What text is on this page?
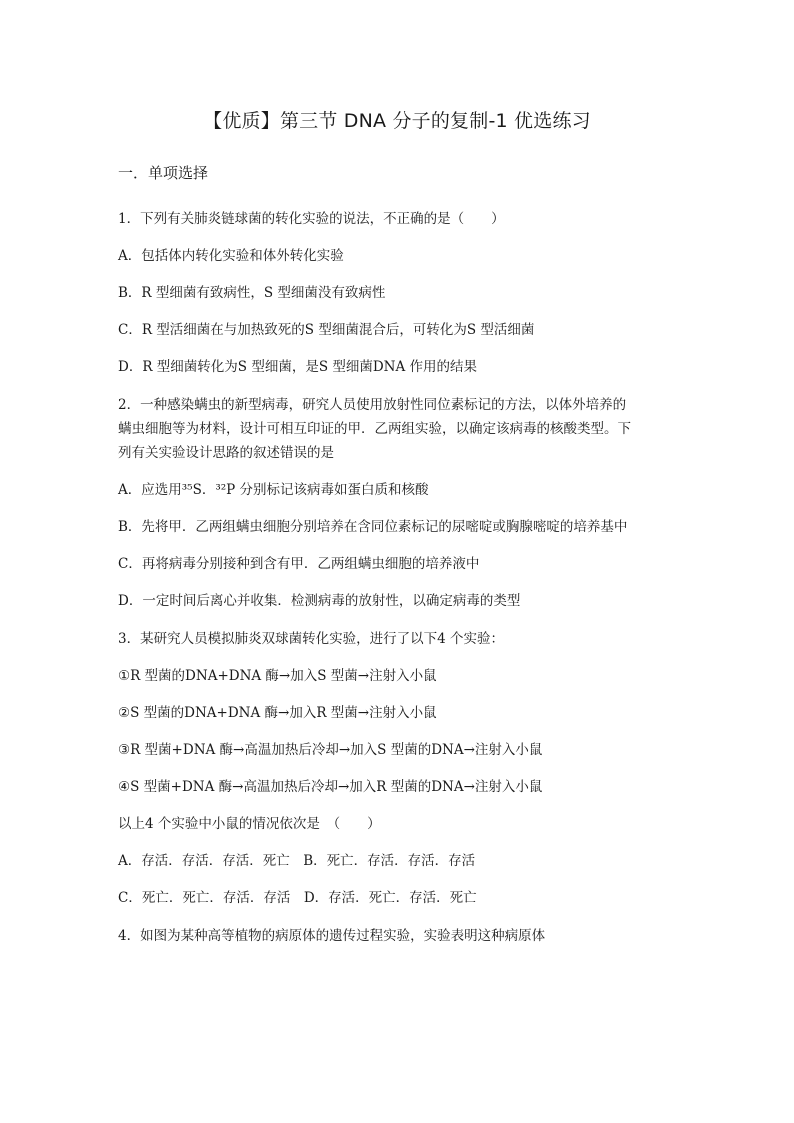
【优质】第三节 DNA 分子的复制-1 优选练习
一．单项选择
1．下列有关肺炎链球菌的转化实验的说法，不正确的是（　　）
A．包括体内转化实验和体外转化实验
B．R 型细菌有致病性，S 型细菌没有致病性
C．R 型活细菌在与加热致死的S 型细菌混合后，可转化为S 型活细菌
D．R 型细菌转化为S 型细菌，是S 型细菌DNA 作用的结果
2．一种感染螨虫的新型病毒，研究人员使用放射性同位素标记的方法，以体外培养的
螨虫细胞等为材料，设计可相互印证的甲．乙两组实验，以确定该病毒的核酸类型。下
列有关实验设计思路的叙述错误的是
A．应选用³⁵S．³²P 分别标记该病毒如蛋白质和核酸
B．先将甲．乙两组螨虫细胞分别培养在含同位素标记的尿嘧啶或胸腺嘧啶的培养基中
C．再将病毒分别接种到含有甲．乙两组螨虫细胞的培养液中
D．一定时间后离心并收集．检测病毒的放射性，以确定病毒的类型
3．某研究人员模拟肺炎双球菌转化实验，进行了以下4 个实验：
①R 型菌的DNA+DNA 酶→加入S 型菌→注射入小鼠
②S 型菌的DNA+DNA 酶→加入R 型菌→注射入小鼠
③R 型菌+DNA 酶→高温加热后冷却→加入S 型菌的DNA→注射入小鼠
④S 型菌+DNA 酶→高温加热后冷却→加入R 型菌的DNA→注射入小鼠
以上4 个实验中小鼠的情况依次是　（　　）
A．存活．存活．存活．死亡　B．死亡．存活．存活．存活
C．死亡．死亡．存活．存活　D．存活．死亡．存活．死亡
4．如图为某种高等植物的病原体的遗传过程实验，实验表明这种病原体
